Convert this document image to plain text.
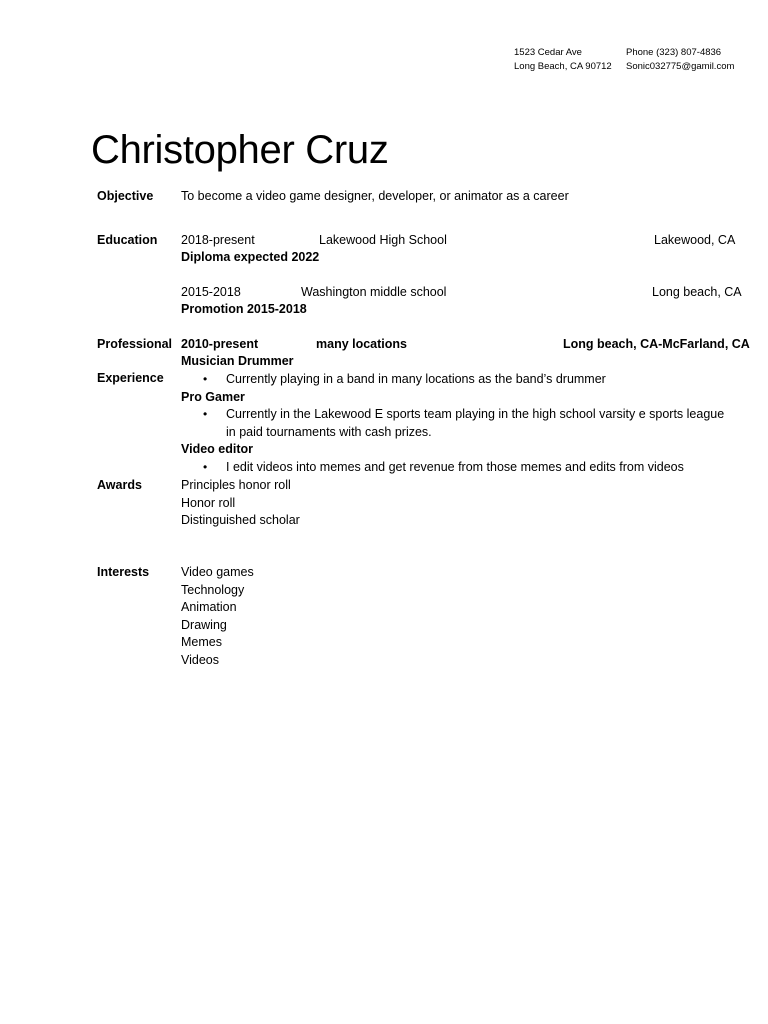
1523 Cedar Ave
Long Beach, CA 90712
Phone (323) 807-4836
Sonic032775@gamil.com
Christopher Cruz
Objective To become a video game designer, developer, or animator as a career
Education 2018-present	Lakewood High School	Lakewood, CA
Diploma expected 2022
2015-2018	Washington middle school	Long beach, CA
Promotion 2015-2018
Professional
Experience
2010-present	many locations	Long beach, CA-McFarland, CA
Musician Drummer
• Currently playing in a band in many locations as the band’s drummer
Pro Gamer
• Currently in the Lakewood E sports team playing in the high school varsity e sports league
in paid tournaments with cash prizes.
Video editor
• I edit videos into memes and get revenue from those memes and edits from videos
Awards	Principles honor roll
Honor roll
Distinguished scholar
Interests	Video games
Technology
Animation
Drawing
Memes
Videos
